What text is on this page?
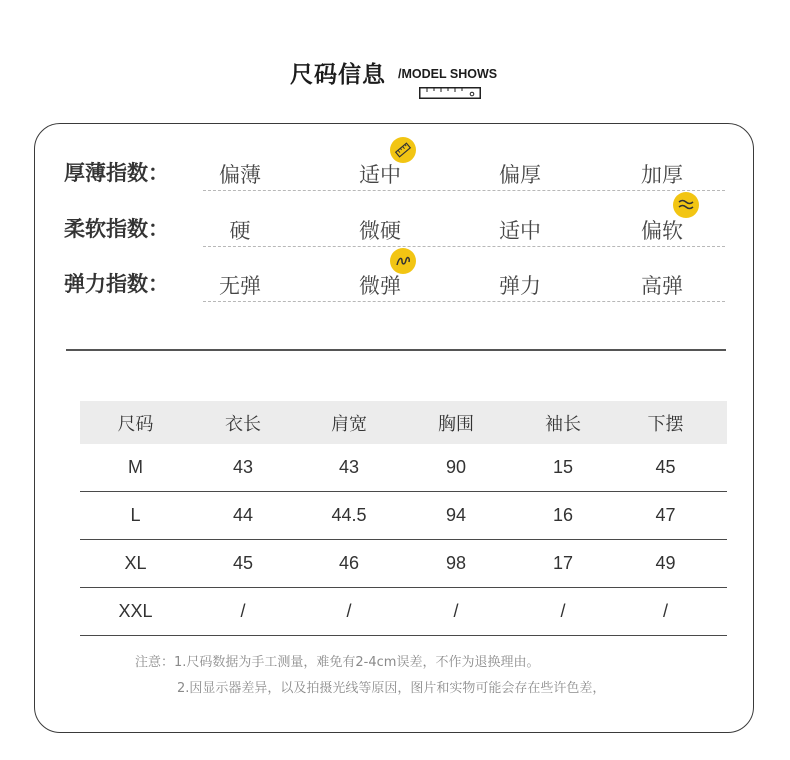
尺码信息 /MODEL SHOWS
厚薄指数：	偏薄	适中	偏厚	加厚
柔软指数：	硬	微硬	适中	偏软
弹力指数：	无弹	微弹	弹力	高弹
尺码	衣长	肩宽	胸围	袖长	下摆
M	43	43	90	15	45
L	44	44.5	94	16	47
XL	45	46	98	17	49
XXL	/	/	/	/	/
注意：1.尺码数据为手工测量，难免有2-4cm误差，不作为退换理由。
2.因显示器差异，以及拍摄光线等原因，图片和实物可能会存在些许色差，
